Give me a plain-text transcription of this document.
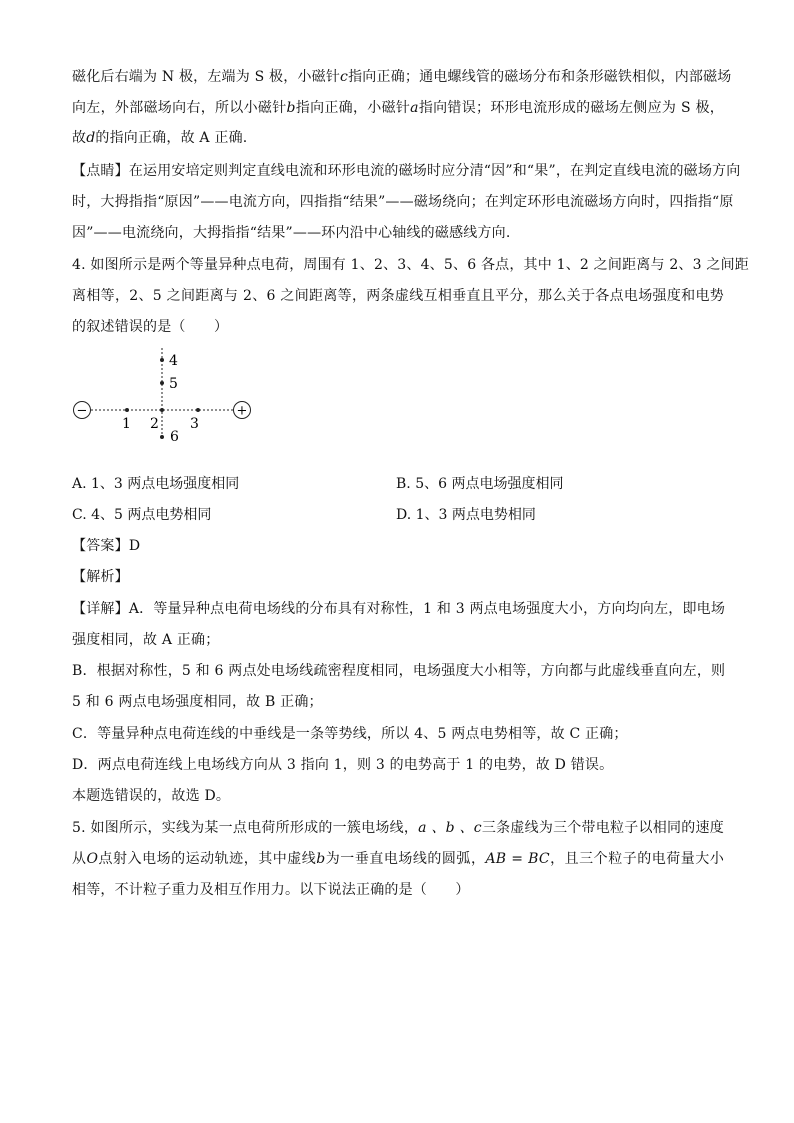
磁化后右端为 N 极，左端为 S 极，小磁针c指向正确；通电螺线管的磁场分布和条形磁铁相似，内部磁场
向左，外部磁场向右，所以小磁针b指向正确，小磁针a指向错误；环形电流形成的磁场左侧应为 S 极，
故d的指向正确，故 A 正确.
【点睛】在运用安培定则判定直线电流和环形电流的磁场时应分清“因”和“果”，在判定直线电流的磁场方向
时，大拇指指“原因”——电流方向，四指指“结果”——磁场绕向；在判定环形电流磁场方向时，四指指“原
因”——电流绕向，大拇指指“结果”——环内沿中心轴线的磁感线方向.
4. 如图所示是两个等量异种点电荷，周围有 1、2、3、4、5、6 各点，其中 1、2 之间距离与 2、3 之间距
离相等，2、5 之间距离与 2、6 之间距离等，两条虚线互相垂直且平分，那么关于各点电场强度和电势
的叙述错误的是（　　）
−	+
1 2 3
4
5
6
A. 1、3 两点电场强度相同	B. 5、6 两点电场强度相同
C. 4、5 两点电势相同	D. 1、3 两点电势相同
【答案】D
【解析】
【详解】A．等量异种点电荷电场线的分布具有对称性，1 和 3 两点电场强度大小，方向均向左，即电场
强度相同，故 A 正确；
B．根据对称性，5 和 6 两点处电场线疏密程度相同，电场强度大小相等，方向都与此虚线垂直向左，则
5 和 6 两点电场强度相同，故 B 正确；
C．等量异种点电荷连线的中垂线是一条等势线，所以 4、5 两点电势相等，故 C 正确；
D．两点电荷连线上电场线方向从 3 指向 1，则 3 的电势高于 1 的电势，故 D 错误。
本题选错误的，故选 D。
5. 如图所示，实线为某一点电荷所形成的一簇电场线，a 、b 、c三条虚线为三个带电粒子以相同的速度
从O点射入电场的运动轨迹，其中虚线b为一垂直电场线的圆弧，AB = BC，且三个粒子的电荷量大小
相等，不计粒子重力及相互作用力。以下说法正确的是（　　）
